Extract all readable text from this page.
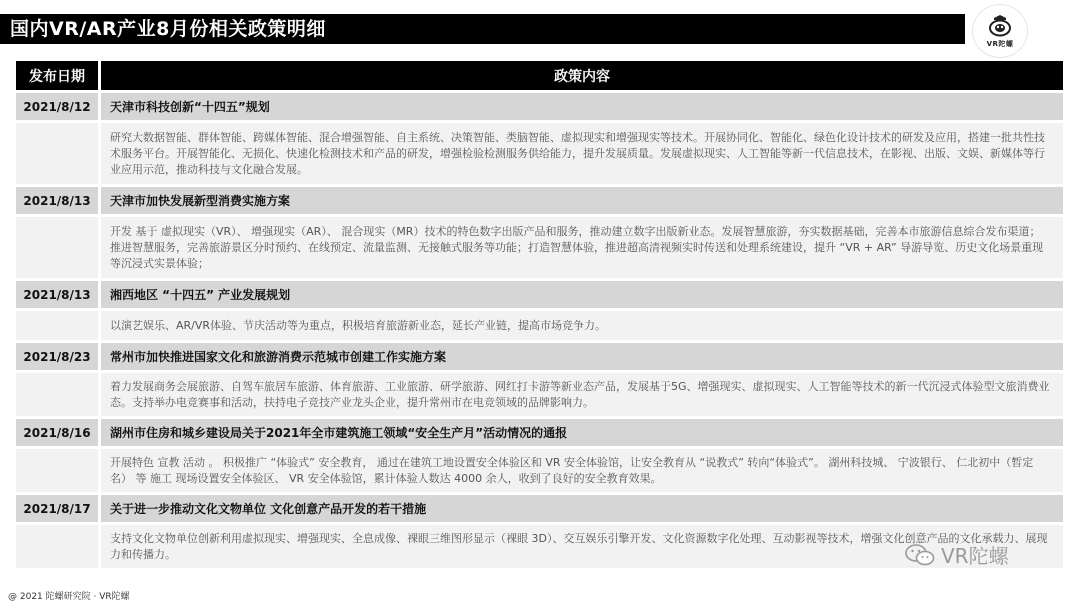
国内VR/AR产业8月份相关政策明细
VR陀螺
发布日期	政策内容
2021/8/12	天津市科技创新“十四五”规划
研究大数据智能、群体智能、跨媒体智能、混合增强智能、自主系统、决策智能、类脑智能、虚拟现实和增强现实等技术。开展协同化、智能化、绿色化设计技术的研发及应用，搭建一批共性技术服务平台。开展智能化、无损化、快速化检测技术和产品的研发，增强检验检测服务供给能力，提升发展质量。发展虚拟现实、人工智能等新一代信息技术，在影视、出版、文娱、新媒体等行业应用示范，推动科技与文化融合发展。
2021/8/13	天津市加快发展新型消费实施方案
开发 基于 虚拟现实（VR）、 增强现实（AR）、 混合现实（MR）技术的特色数字出版产品和服务，推动建立数字出版新业态。发展智慧旅游，夯实数据基础，完善本市旅游信息综合发布渠道；推进智慧服务，完善旅游景区分时预约、在线预定、流量监测、无接触式服务等功能；打造智慧体验，推进超高清视频实时传送和处理系统建设，提升 “VR + AR” 导游导览、历史文化场景重现等沉浸式实景体验；
2021/8/13	湘西地区 “十四五” 产业发展规划
以演艺娱乐、AR/VR体验、节庆活动等为重点，积极培育旅游新业态，延长产业链，提高市场竞争力。
2021/8/23	常州市加快推进国家文化和旅游消费示范城市创建工作实施方案
着力发展商务会展旅游、自驾车旅居车旅游、体育旅游、工业旅游、研学旅游、网红打卡游等新业态产品，发展基于5G、增强现实、虚拟现实、人工智能等技术的新一代沉浸式体验型文旅消费业态。支持举办电竞赛事和活动，扶持电子竞技产业龙头企业，提升常州市在电竞领域的品牌影响力。
2021/8/16	湖州市住房和城乡建设局关于2021年全市建筑施工领域“安全生产月”活动情况的通报
开展特色 宣教 活动 。 积极推广 “体验式” 安全教育， 通过在建筑工地设置安全体验区和 VR 安全体验馆，让安全教育从 “说教式” 转向“体验式”。 湖州科技城、 宁波银行、 仁北初中（暂定名） 等 施工 现场设置安全体验区、 VR 安全体验馆，累计体验人数达 4000 余人，收到了良好的安全教育效果。
2021/8/17	关于进一步推动文化文物单位 文化创意产品开发的若干措施
支持文化文物单位创新利用虚拟现实、增强现实、全息成像、裸眼三维图形显示（裸眼 3D）、交互娱乐引擎开发、文化资源数字化处理、互动影视等技术，增强文化创意产品的文化承载力、展现力和传播力。
@ 2021 陀螺研究院 · VR陀螺
VR陀螺
